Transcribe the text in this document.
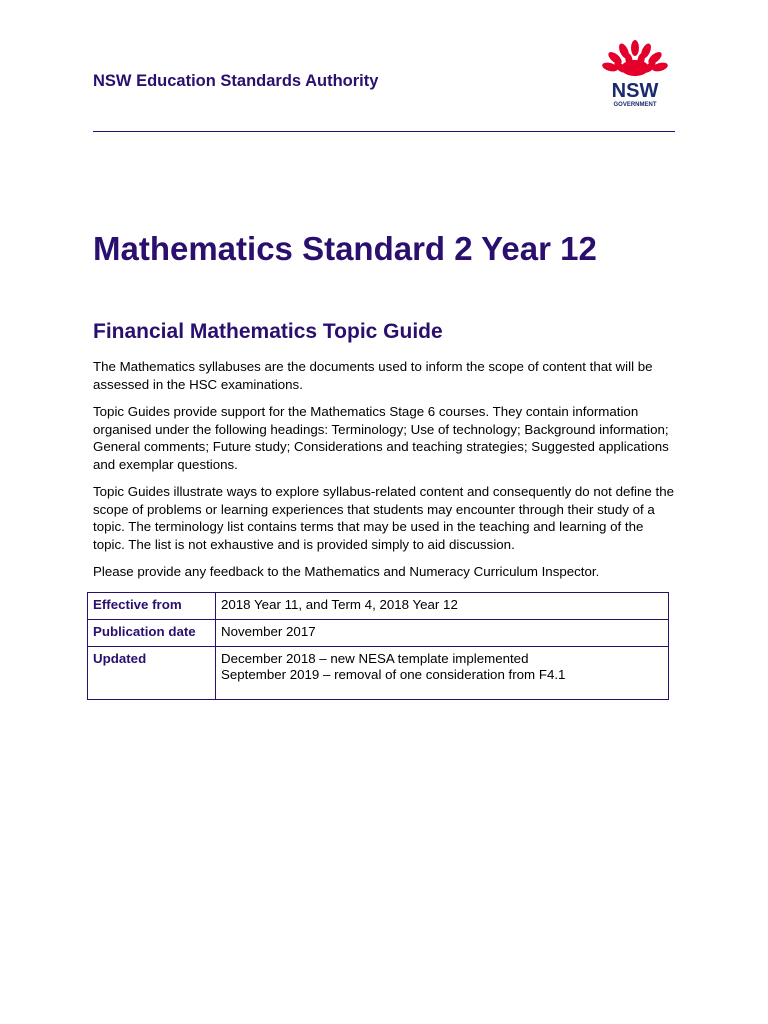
NSW Education Standards Authority	NSW
GOVERNMENT
Mathematics Standard 2 Year 12
Financial Mathematics Topic Guide

The Mathematics syllabuses are the documents used to inform the scope of content that will be assessed in the HSC examinations.

Topic Guides provide support for the Mathematics Stage 6 courses. They contain information organised under the following headings: Terminology; Use of technology; Background information; General comments; Future study; Considerations and teaching strategies; Suggested applications and exemplar questions.

Topic Guides illustrate ways to explore syllabus-related content and consequently do not define the scope of problems or learning experiences that students may encounter through their study of a topic. The terminology list contains terms that may be used in the teaching and learning of the topic. The list is not exhaustive and is provided simply to aid discussion.

Please provide any feedback to the Mathematics and Numeracy Curriculum Inspector.

Effective from	2018 Year 11, and Term 4, 2018 Year 12

Publication date	November 2017

Updated	December 2018 – new NESA template implemented
September 2019 – removal of one consideration from F4.1
